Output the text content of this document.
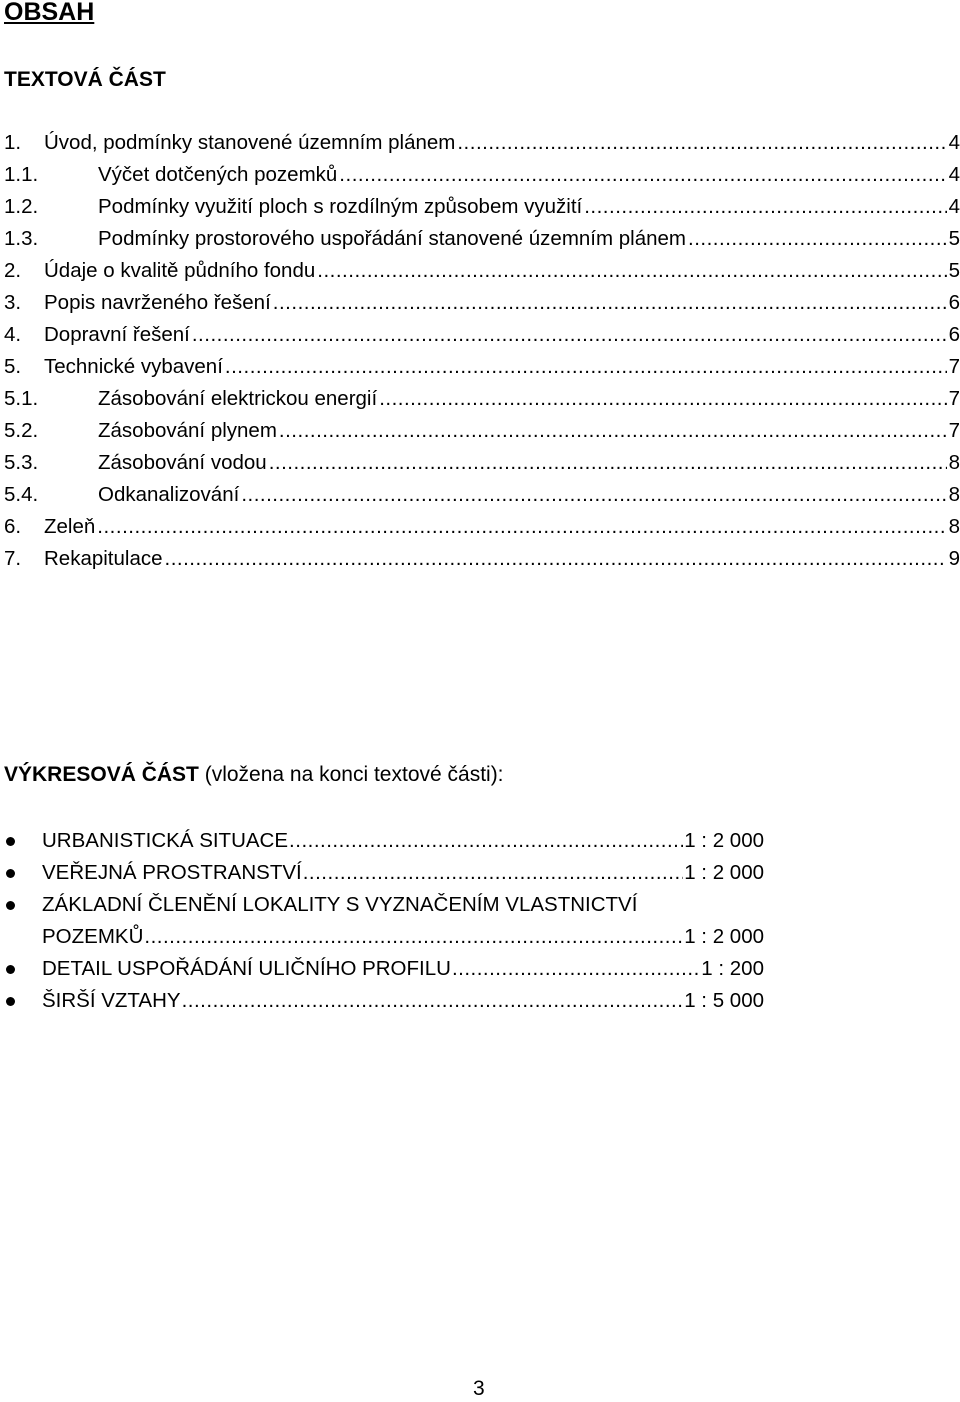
OBSAH
TEXTOVÁ ČÁST
1.	Úvod, podmínky stanovené územním plánem .....	4
1.1.	Výčet dotčených pozemků .....	4
1.2.	Podmínky využití ploch s rozdílným způsobem využití .....	4
1.3.	Podmínky prostorového uspořádání stanovené územním plánem .....	5
2.	Údaje o kvalitě půdního fondu .....	5
3.	Popis navrženého řešení .....	6
4.	Dopravní řešení .....	6
5.	Technické vybavení .....	7
5.1.	Zásobování elektrickou energií .....	7
5.2.	Zásobování plynem .....	7
5.3.	Zásobování vodou .....	8
5.4.	Odkanalizování .....	8
6.	Zeleň .....	8
7.	Rekapitulace .....	9
VÝKRESOVÁ ČÁST (vložena na konci textové části):
URBANISTICKÁ SITUACE .....	1 : 2 000
VEŘEJNÁ PROSTRANSTVÍ .....	1 : 2 000
ZÁKLADNÍ ČLENĚNÍ LOKALITY S VYZNAČENÍM VLASTNICTVÍ
POZEMKŮ .....	1 : 2 000
DETAIL USPOŘÁDÁNÍ ULIČNÍHO PROFILU .....	1 : 200
ŠIRŠÍ VZTAHY .....	1 : 5 000
3
